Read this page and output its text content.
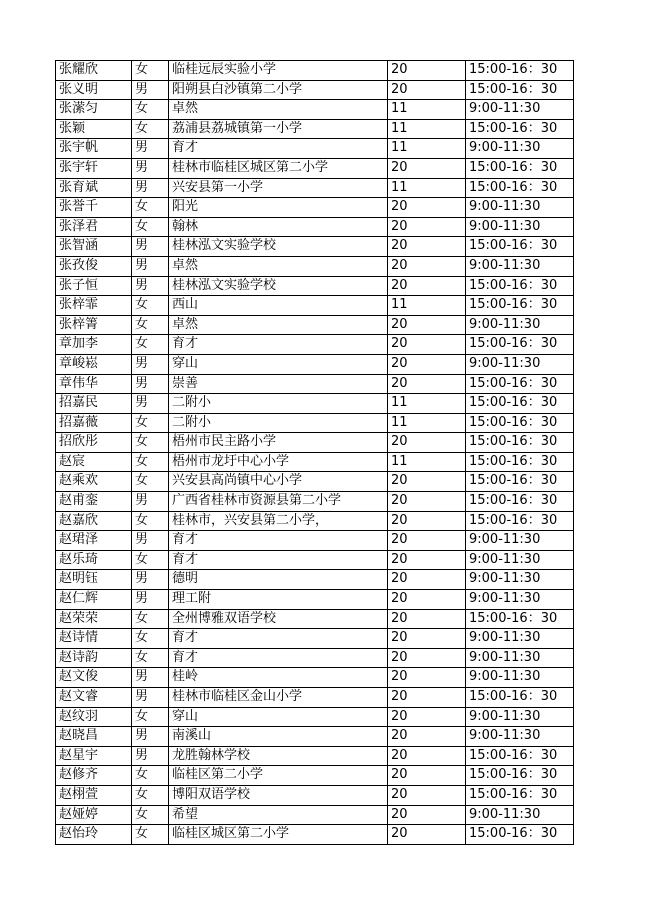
张耀欣	女	临桂远辰实验小学	20	15:00-16：30
张义明	男	阳朔县白沙镇第二小学	20	15:00-16：30
张潆匀	女	卓然	11	9:00-11:30
张颖	女	荔浦县荔城镇第一小学	11	15:00-16：30
张宇帆	男	育才	11	9:00-11:30
张宇轩	男	桂林市临桂区城区第二小学	20	15:00-16：30
张育斌	男	兴安县第一小学	11	15:00-16：30
张誉千	女	阳光	20	9:00-11:30
张泽君	女	翰林	20	9:00-11:30
张智涵	男	桂林泓文实验学校	20	15:00-16：30
张孜俊	男	卓然	20	9:00-11:30
张子恒	男	桂林泓文实验学校	20	15:00-16：30
张梓霏	女	西山	11	15:00-16：30
张梓箐	女	卓然	20	9:00-11:30
章加李	女	育才	20	15:00-16：30
章峻崧	男	穿山	20	9:00-11:30
章伟华	男	崇善	20	15:00-16：30
招嘉民	男	二附小	11	15:00-16：30
招嘉薇	女	二附小	11	15:00-16：30
招欣彤	女	梧州市民主路小学	20	15:00-16：30
赵宸	女	梧州市龙圩中心小学	11	15:00-16：30
赵乘欢	女	兴安县高尚镇中心小学	20	15:00-16：30
赵甫銮	男	广西省桂林市资源县第二小学	20	15:00-16：30
赵嘉欣	女	桂林市，兴安县第二小学，	20	15:00-16：30
赵珺泽	男	育才	20	9:00-11:30
赵乐琦	女	育才	20	9:00-11:30
赵明钰	男	德明	20	9:00-11:30
赵仁辉	男	理工附	20	9:00-11:30
赵荣荣	女	全州博雅双语学校	20	15:00-16：30
赵诗情	女	育才	20	9:00-11:30
赵诗韵	女	育才	20	9:00-11:30
赵文俊	男	桂岭	20	9:00-11:30
赵文睿	男	桂林市临桂区金山小学	20	15:00-16：30
赵纹羽	女	穿山	20	9:00-11:30
赵晓昌	男	南溪山	20	9:00-11:30
赵星宇	男	龙胜翰林学校	20	15:00-16：30
赵修齐	女	临桂区第二小学	20	15:00-16：30
赵栩萱	女	博阳双语学校	20	15:00-16：30
赵娅婷	女	希望	20	9:00-11:30
赵怡玲	女	临桂区城区第二小学	20	15:00-16：30
